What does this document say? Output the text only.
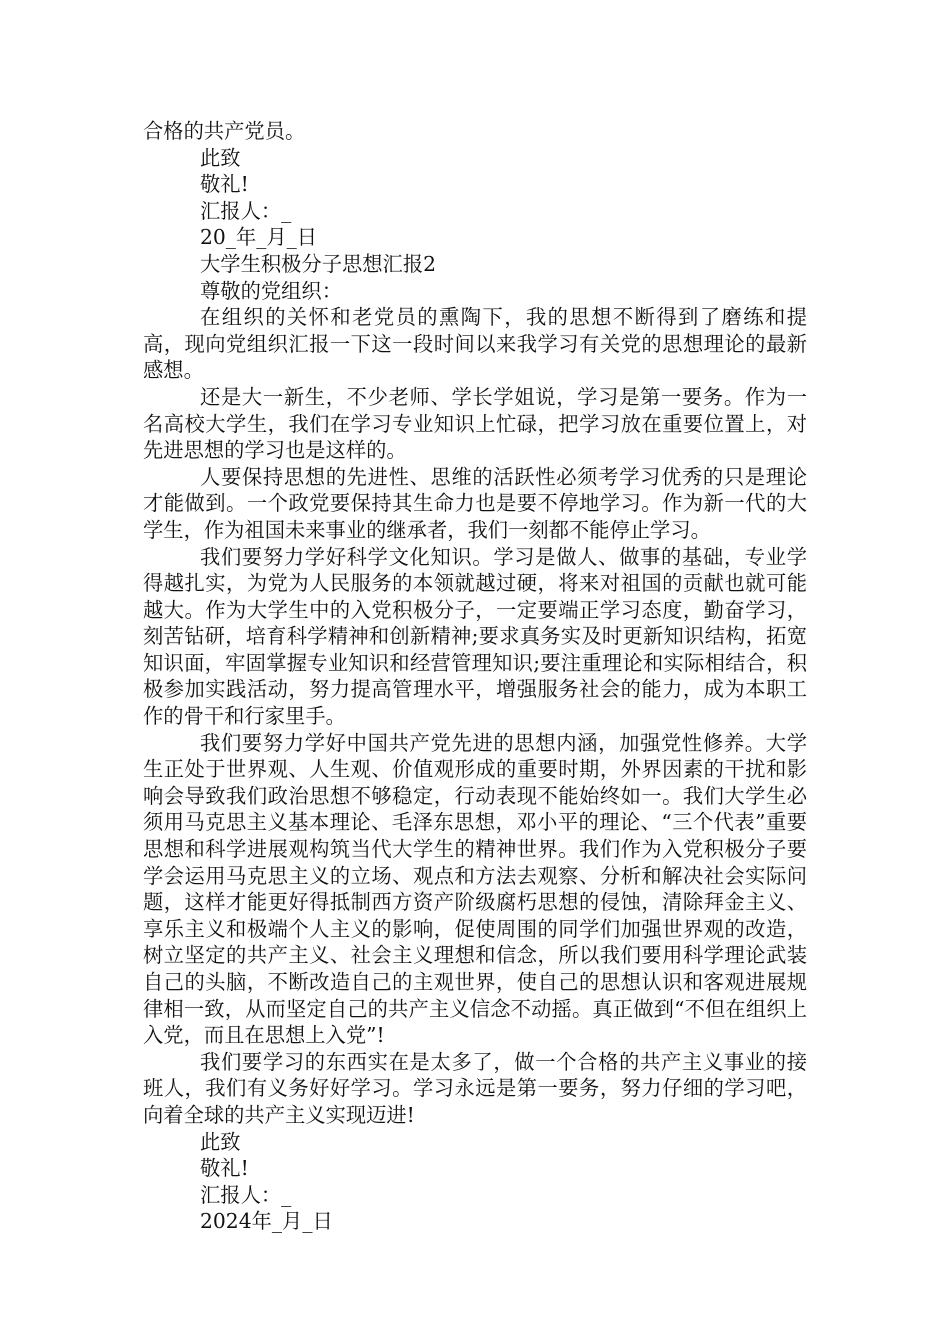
合格的共产党员。

此致

敬礼!

汇报人：_

20_年_月_日

大学生积极分子思想汇报2

尊敬的党组织：

在组织的关怀和老党员的熏陶下，我的思想不断得到了磨练和提高，现向党组织汇报一下这一段时间以来我学习有关党的思想理论的最新感想。

还是大一新生，不少老师、学长学姐说，学习是第一要务。作为一名高校大学生，我们在学习专业知识上忙碌，把学习放在重要位置上，对先进思想的学习也是这样的。

人要保持思想的先进性、思维的活跃性必须考学习优秀的只是理论才能做到。一个政党要保持其生命力也是要不停地学习。作为新一代的大学生，作为祖国未来事业的继承者，我们一刻都不能停止学习。

我们要努力学好科学文化知识。学习是做人、做事的基础，专业学得越扎实，为党为人民服务的本领就越过硬，将来对祖国的贡献也就可能越大。作为大学生中的入党积极分子，一定要端正学习态度，勤奋学习，刻苦钻研，培育科学精神和创新精神;要求真务实及时更新知识结构，拓宽知识面，牢固掌握专业知识和经营管理知识;要注重理论和实际相结合，积极参加实践活动，努力提高管理水平，增强服务社会的能力，成为本职工作的骨干和行家里手。

我们要努力学好中国共产党先进的思想内涵，加强党性修养。大学生正处于世界观、人生观、价值观形成的重要时期，外界因素的干扰和影响会导致我们政治思想不够稳定，行动表现不能始终如一。我们大学生必须用马克思主义基本理论、毛泽东思想，邓小平的理论、“三个代表”重要思想和科学进展观构筑当代大学生的精神世界。我们作为入党积极分子要学会运用马克思主义的立场、观点和方法去观察、分析和解决社会实际问题，这样才能更好得抵制西方资产阶级腐朽思想的侵蚀，清除拜金主义、享乐主义和极端个人主义的影响，促使周围的同学们加强世界观的改造，树立坚定的共产主义、社会主义理想和信念，所以我们要用科学理论武装自己的头脑，不断改造自己的主观世界，使自己的思想认识和客观进展规律相一致，从而坚定自己的共产主义信念不动摇。真正做到“不但在组织上入党，而且在思想上入党”!

我们要学习的东西实在是太多了，做一个合格的共产主义事业的接班人，我们有义务好好学习。学习永远是第一要务，努力仔细的学习吧，向着全球的共产主义实现迈进!

此致

敬礼!

汇报人：_

2024年_月_日
